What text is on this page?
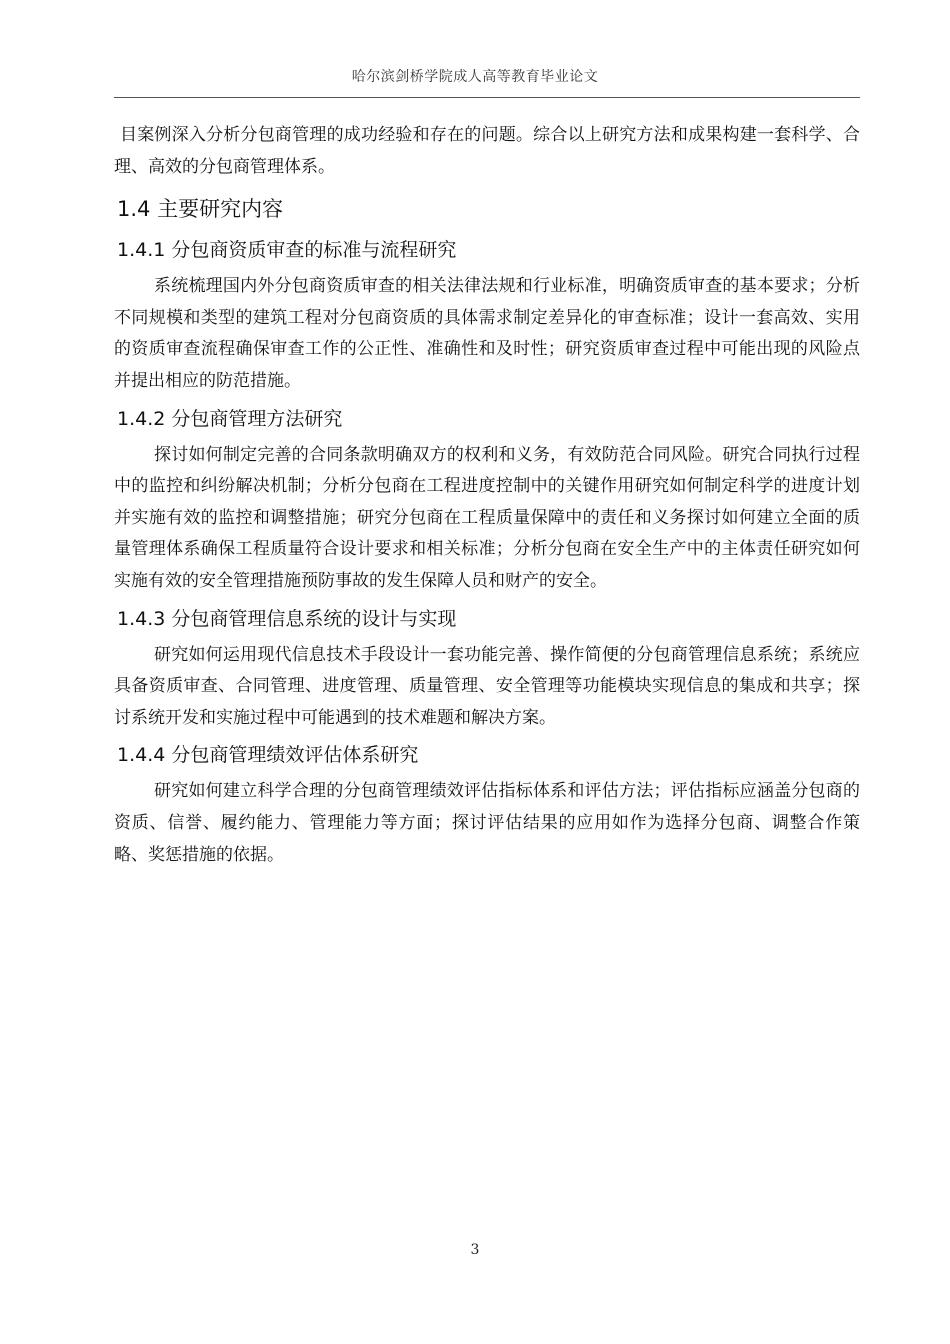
哈尔滨剑桥学院成人高等教育毕业论文

目案例深入分析分包商管理的成功经验和存在的问题。综合以上研究方法和成果构建一套科学、合理、高效的分包商管理体系。

1.4 主要研究内容
1.4.1 分包商资质审查的标准与流程研究

系统梳理国内外分包商资质审查的相关法律法规和行业标准，明确资质审查的基本要求；分析不同规模和类型的建筑工程对分包商资质的具体需求制定差异化的审查标准；设计一套高效、实用的资质审查流程确保审查工作的公正性、准确性和及时性；研究资质审查过程中可能出现的风险点并提出相应的防范措施。

1.4.2 分包商管理方法研究

探讨如何制定完善的合同条款明确双方的权利和义务，有效防范合同风险。研究合同执行过程中的监控和纠纷解决机制；分析分包商在工程进度控制中的关键作用研究如何制定科学的进度计划并实施有效的监控和调整措施；研究分包商在工程质量保障中的责任和义务探讨如何建立全面的质量管理体系确保工程质量符合设计要求和相关标准；分析分包商在安全生产中的主体责任研究如何实施有效的安全管理措施预防事故的发生保障人员和财产的安全。

1.4.3 分包商管理信息系统的设计与实现

研究如何运用现代信息技术手段设计一套功能完善、操作简便的分包商管理信息系统；系统应具备资质审查、合同管理、进度管理、质量管理、安全管理等功能模块实现信息的集成和共享；探讨系统开发和实施过程中可能遇到的技术难题和解决方案。

1.4.4 分包商管理绩效评估体系研究

研究如何建立科学合理的分包商管理绩效评估指标体系和评估方法；评估指标应涵盖分包商的资质、信誉、履约能力、管理能力等方面；探讨评估结果的应用如作为选择分包商、调整合作策略、奖惩措施的依据。

3
